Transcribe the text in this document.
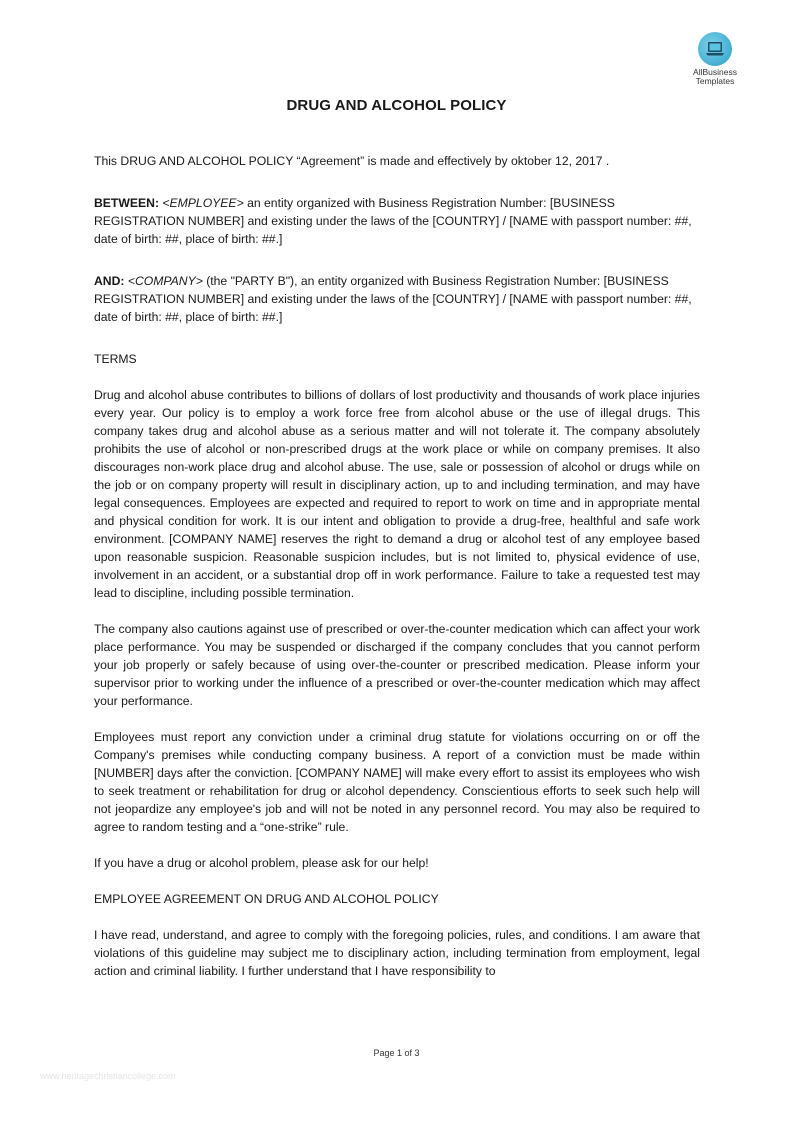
AllBusiness
Templates
DRUG AND ALCOHOL POLICY

This DRUG AND ALCOHOL POLICY “Agreement” is made and effectively by oktober 12, 2017 .

BETWEEN: <EMPLOYEE> an entity organized with Business Registration Number: [BUSINESS REGISTRATION NUMBER] and existing under the laws of the [COUNTRY] / [NAME with passport number: ##, date of birth: ##, place of birth: ##.]

AND: <COMPANY> (the "PARTY B"), an entity organized with Business Registration Number: [BUSINESS REGISTRATION NUMBER] and existing under the laws of the [COUNTRY] / [NAME with passport number: ##, date of birth: ##, place of birth: ##.]

TERMS

Drug and alcohol abuse contributes to billions of dollars of lost productivity and thousands of work place injuries every year. Our policy is to employ a work force free from alcohol abuse or the use of illegal drugs. This company takes drug and alcohol abuse as a serious matter and will not tolerate it. The company absolutely prohibits the use of alcohol or non-prescribed drugs at the work place or while on company premises. It also discourages non-work place drug and alcohol abuse. The use, sale or possession of alcohol or drugs while on the job or on company property will result in disciplinary action, up to and including termination, and may have legal consequences. Employees are expected and required to report to work on time and in appropriate mental and physical condition for work. It is our intent and obligation to provide a drug-free, healthful and safe work environment. [COMPANY NAME] reserves the right to demand a drug or alcohol test of any employee based upon reasonable suspicion. Reasonable suspicion includes, but is not limited to, physical evidence of use, involvement in an accident, or a substantial drop off in work performance. Failure to take a requested test may lead to discipline, including possible termination.

The company also cautions against use of prescribed or over-the-counter medication which can affect your work place performance. You may be suspended or discharged if the company concludes that you cannot perform your job properly or safely because of using over-the-counter or prescribed medication. Please inform your supervisor prior to working under the influence of a prescribed or over-the-counter medication which may affect your performance.

Employees must report any conviction under a criminal drug statute for violations occurring on or off the Company's premises while conducting company business. A report of a conviction must be made within [NUMBER] days after the conviction. [COMPANY NAME] will make every effort to assist its employees who wish to seek treatment or rehabilitation for drug or alcohol dependency. Conscientious efforts to seek such help will not jeopardize any employee's job and will not be noted in any personnel record. You may also be required to agree to random testing and a “one-strike” rule.

If you have a drug or alcohol problem, please ask for our help!

EMPLOYEE AGREEMENT ON DRUG AND ALCOHOL POLICY

I have read, understand, and agree to comply with the foregoing policies, rules, and conditions. I am aware that violations of this guideline may subject me to disciplinary action, including termination from employment, legal action and criminal liability. I further understand that I have responsibility to

Page 1 of 3
www.heritagechristiancollege.com
